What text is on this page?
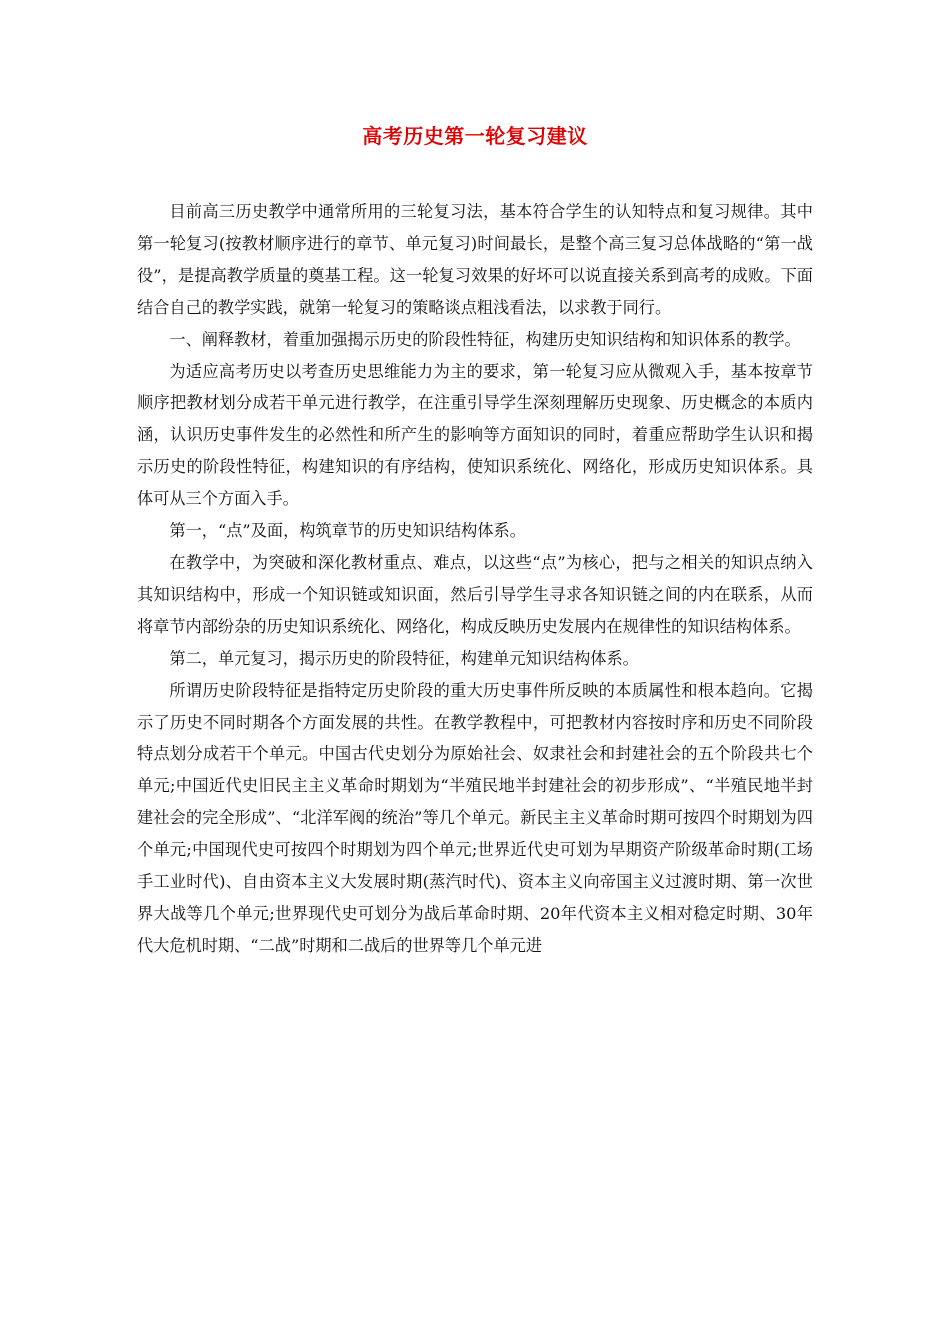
高考历史第一轮复习建议

目前高三历史教学中通常所用的三轮复习法，基本符合学生的认知特点和复习规律。其中第一轮复习(按教材顺序进行的章节、单元复习)时间最长，是整个高三复习总体战略的“第一战役”，是提高教学质量的奠基工程。这一轮复习效果的好坏可以说直接关系到高考的成败。下面结合自己的教学实践，就第一轮复习的策略谈点粗浅看法，以求教于同行。

一、阐释教材，着重加强揭示历史的阶段性特征，构建历史知识结构和知识体系的教学。

为适应高考历史以考查历史思维能力为主的要求，第一轮复习应从微观入手，基本按章节顺序把教材划分成若干单元进行教学，在注重引导学生深刻理解历史现象、历史概念的本质内涵，认识历史事件发生的必然性和所产生的影响等方面知识的同时，着重应帮助学生认识和揭示历史的阶段性特征，构建知识的有序结构，使知识系统化、网络化，形成历史知识体系。具体可从三个方面入手。

第一，“点”及面，构筑章节的历史知识结构体系。

在教学中，为突破和深化教材重点、难点，以这些“点”为核心，把与之相关的知识点纳入其知识结构中，形成一个知识链或知识面，然后引导学生寻求各知识链之间的内在联系，从而将章节内部纷杂的历史知识系统化、网络化，构成反映历史发展内在规律性的知识结构体系。

第二，单元复习，揭示历史的阶段特征，构建单元知识结构体系。

所谓历史阶段特征是指特定历史阶段的重大历史事件所反映的本质属性和根本趋向。它揭示了历史不同时期各个方面发展的共性。在教学教程中，可把教材内容按时序和历史不同阶段特点划分成若干个单元。中国古代史划分为原始社会、奴隶社会和封建社会的五个阶段共七个单元;中国近代史旧民主主义革命时期划为“半殖民地半封建社会的初步形成”、“半殖民地半封建社会的完全形成”、“北洋军阀的统治”等几个单元。新民主主义革命时期可按四个时期划为四个单元;中国现代史可按四个时期划为四个单元;世界近代史可划为早期资产阶级革命时期(工场手工业时代)、自由资本主义大发展时期(蒸汽时代)、资本主义向帝国主义过渡时期、第一次世界大战等几个单元;世界现代史可划分为战后革命时期、20年代资本主义相对稳定时期、30年代大危机时期、“二战”时期和二战后的世界等几个单元进
